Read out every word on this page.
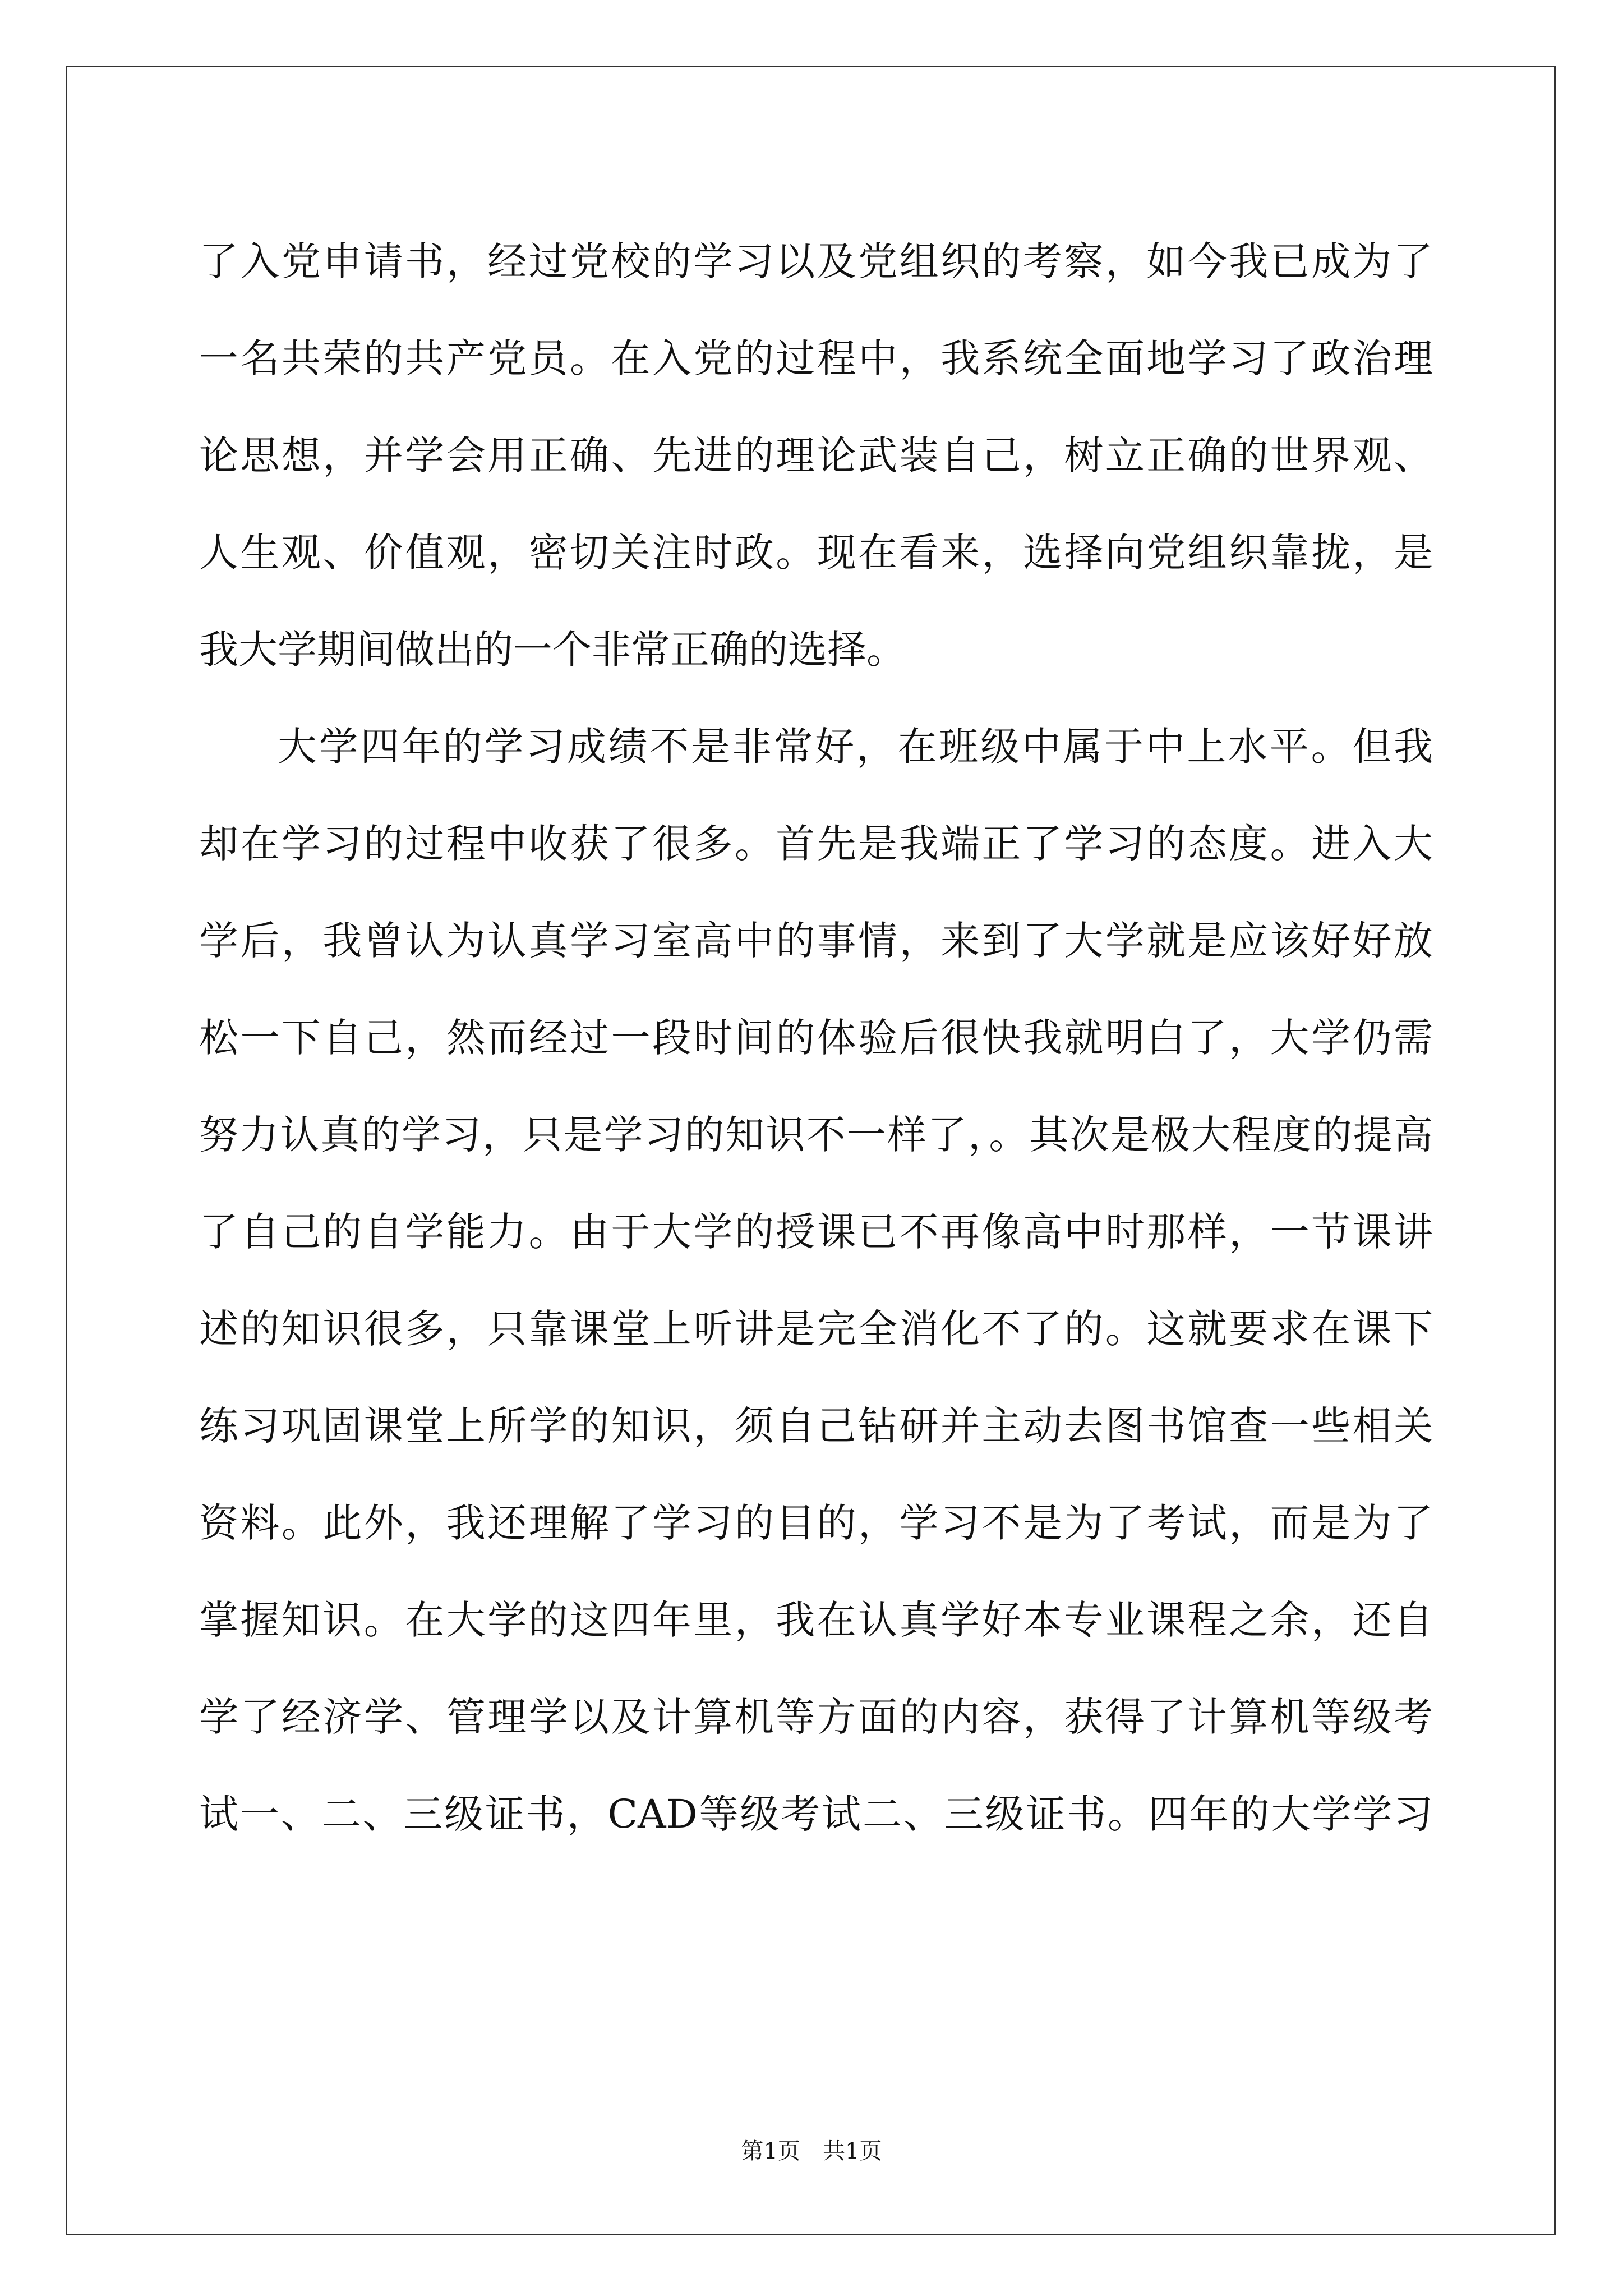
了入党申请书，经过党校的学习以及党组织的考察，如今我已成为了
一名共荣的共产党员。在入党的过程中，我系统全面地学习了政治理
论思想，并学会用正确、先进的理论武装自己，树立正确的世界观、
人生观、价值观，密切关注时政。现在看来，选择向党组织靠拢，是
我大学期间做出的一个非常正确的选择。
大学四年的学习成绩不是非常好，在班级中属于中上水平。但我
却在学习的过程中收获了很多。首先是我端正了学习的态度。进入大
学后，我曾认为认真学习室高中的事情，来到了大学就是应该好好放
松一下自己，然而经过一段时间的体验后很快我就明白了，大学仍需
努力认真的学习，只是学习的知识不一样了，。其次是极大程度的提高
了自己的自学能力。由于大学的授课已不再像高中时那样，一节课讲
述的知识很多，只靠课堂上听讲是完全消化不了的。这就要求在课下
练习巩固课堂上所学的知识，须自己钻研并主动去图书馆查一些相关
资料。此外，我还理解了学习的目的，学习不是为了考试，而是为了
掌握知识。在大学的这四年里，我在认真学好本专业课程之余，还自
学了经济学、管理学以及计算机等方面的内容，获得了计算机等级考
试一、二、三级证书，CAD等级考试二、三级证书。四年的大学学习
第1页　共1页
